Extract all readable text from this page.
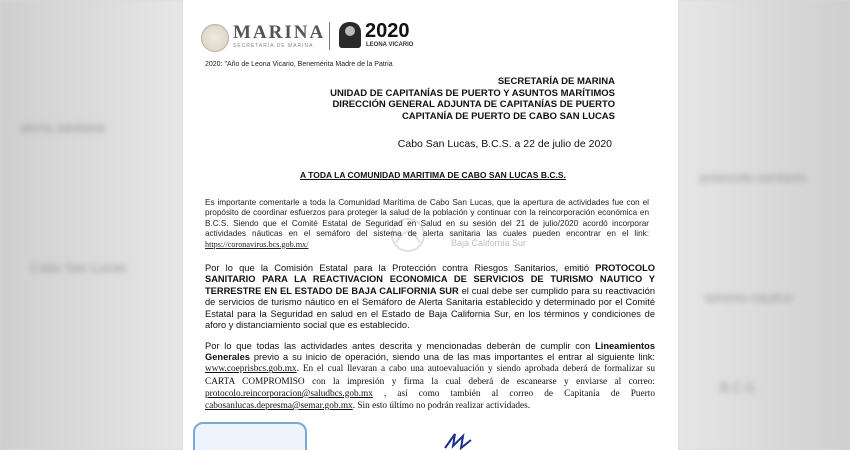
alerta sanitaria
Cabo San Lucas
protocolo sanitario
turismo náutico
B.C.S.
MARINA
SECRETARÍA DE MARINA
2020
LEONA VICARIO
2020: "Año de Leona Vicario, Benemérita Madre de la Patria
SECRETARÍA DE MARINA
UNIDAD DE CAPITANÍAS DE PUERTO Y ASUNTOS MARÍTIMOS
DIRECCIÓN GENERAL ADJUNTA DE CAPITANÍAS DE PUERTO
CAPITANÍA DE PUERTO DE CABO SAN LUCAS
Cabo San Lucas, B.C.S. a 22 de julio de 2020
A TODA LA COMUNIDAD MARITIMA DE CABO SAN LUCAS B.C.S.
Es importante comentarle a toda la Comunidad Marítima de Cabo San Lucas, que la apertura de actividades fue con el propósito de coordinar esfuerzos para proteger la salud de la población y continuar con la reincorporación económica en B.C.S. Siendo que el Comité Estatal de Seguridad en Salud en su sesión del 21 de julio/2020 acordó incorporar actividades náuticas en el semáforo del sistema de alerta sanitaria las cuales pueden encontrar en el link: https://coronavirus.bcs.gob.mx/	Baja California Sur
Por lo que la Comisión Estatal para la Protección contra Riesgos Sanitarios, emitió PROTOCOLO SANITARIO PARA LA REACTIVACION ECONOMICA DE SERVICIOS DE TURISMO NAUTICO Y TERRESTRE EN EL ESTADO DE BAJA CALIFORNIA SUR el cual debe ser cumplido para su reactivación de servicios de turismo náutico en el Semáforo de Alerta Sanitaria establecido y determinado por el Comité Estatal para la Seguridad en salud en el Estado de Baja California Sur, en los términos y condiciones de aforo y distanciamiento social que es establecido.
Por lo que todas las actividades antes descrita y mencionadas deberán de cumplir con Lineamientos Generales previo a su inicio de operación, siendo una de las mas importantes el entrar al siguiente link: www.coeprisbcs.gob.mx. En el cual llevaran a cabo una autoevaluación y siendo aprobada deberá de formalizar su CARTA COMPROMISO con la impresión y firma la cual deberá de escanearse y enviarse al correo: protocolo.reincorporacion@saludbcs.gob.mx , así como también al correo de Capitanía de Puerto cabosanlucas.depresma@semar.gob.mx. Sin esto último no podrán realizar actividades.
